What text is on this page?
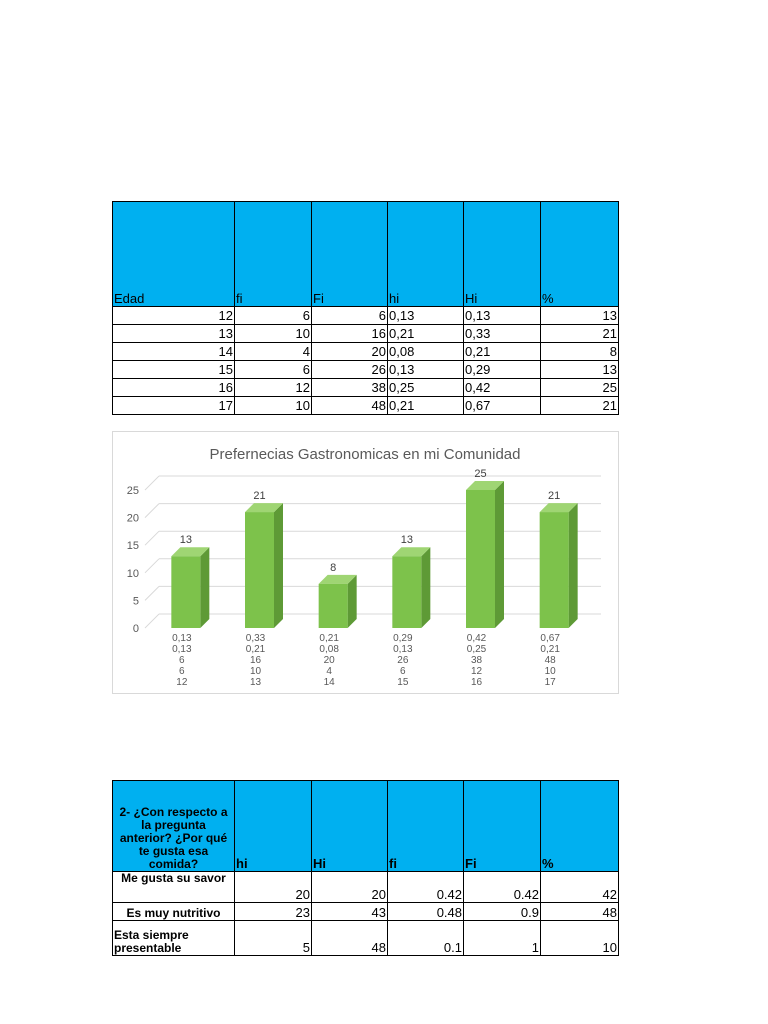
Edad	fi	Fi	hi	Hi	%
12	6	6	0,13	0,13	13
13	10	16	0,21	0,33	21
14	4	20	0,08	0,21	8
15	6	26	0,13	0,29	13
16	12	38	0,25	0,42	25
17	10	48	0,21	0,67	21
Prefernecias Gastronomicas en mi Comunidad
0
5
10
15
20
25
13
0,13
0,13
6
6
12
21
0,33
0,21
16
10
13
8
0,21
0,08
20
4
14
13
0,29
0,13
26
6
15
25
0,42
0,25
38
12
16
21
0,67
0,21
48
10
17
2- ¿Con respecto a la pregunta anterior? ¿Por qué te gusta esa comida?	hi	Hi	fi	Fi	%
Me gusta su savor	20	20	0.42	0.42	42
Es muy nutritivo	23	43	0.48	0.9	48
Esta siempre presentable	5	48	0.1	1	10
